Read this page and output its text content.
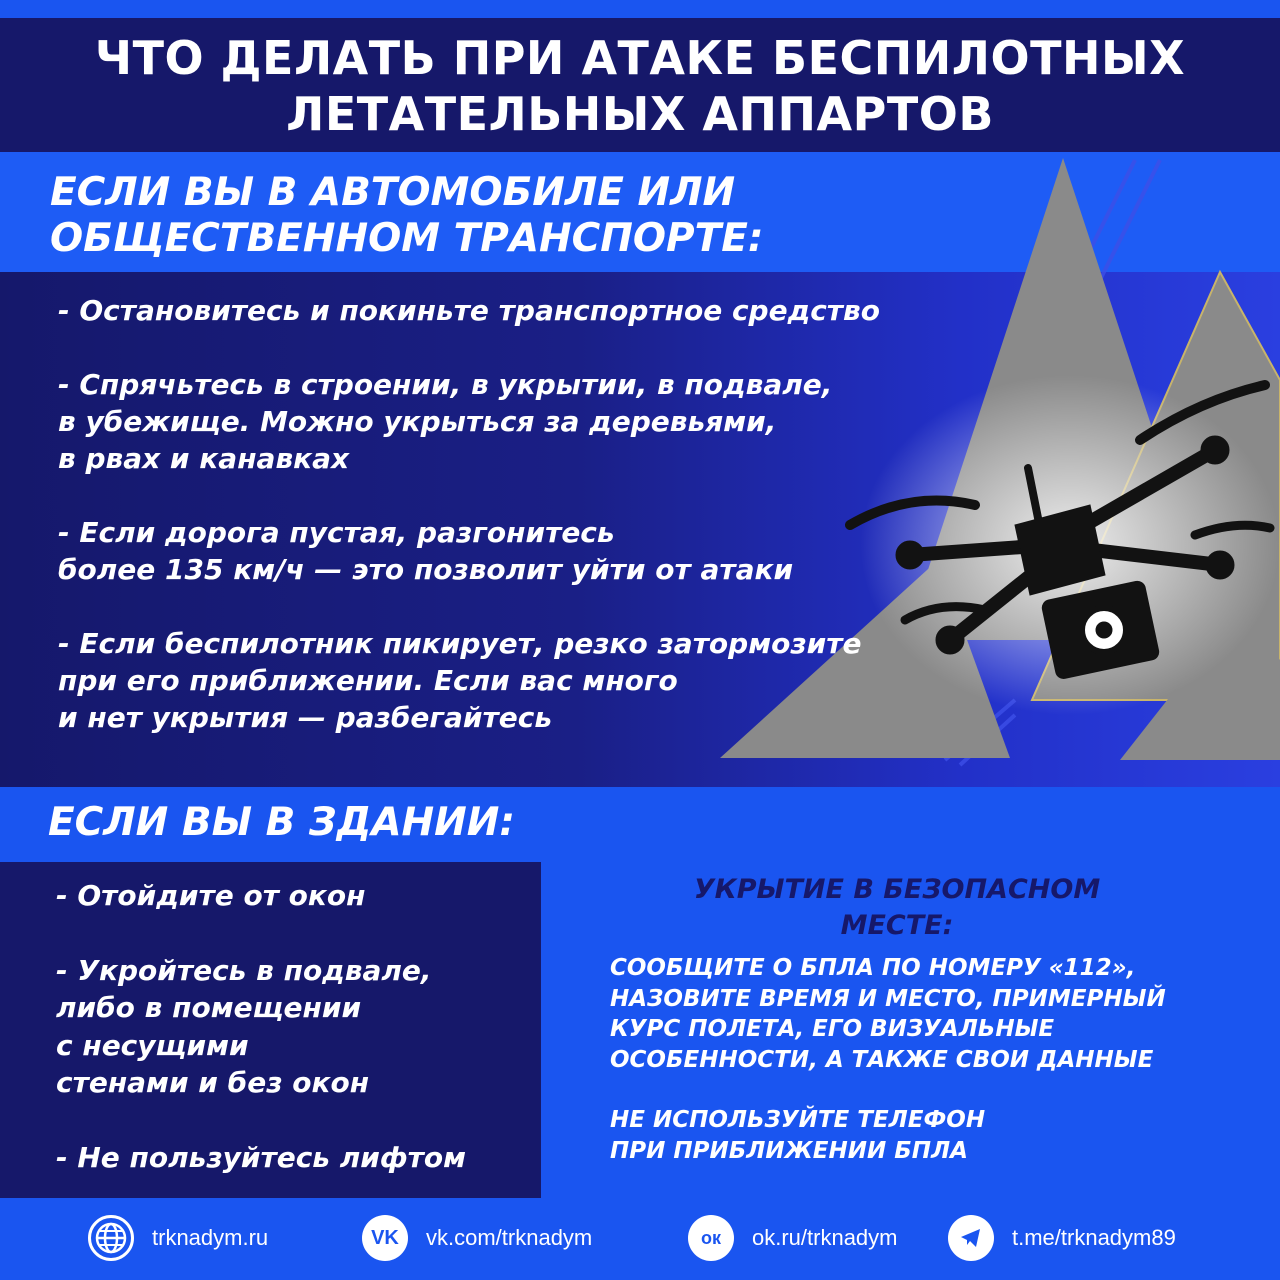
ЧТО ДЕЛАТЬ ПРИ АТАКЕ БЕСПИЛОТНЫХ
ЛЕТАТЕЛЬНЫХ АППАРТОВ
ЕСЛИ ВЫ В АВТОМОБИЛЕ ИЛИ
ОБЩЕСТВЕННОМ ТРАНСПОРТЕ:
- Остановитесь и покиньте транспортное средство
- Спрячьтесь в строении, в укрытии, в подвале,
в убежище. Можно укрыться за деревьями,
в рвах и канавках
- Если дорога пустая, разгонитесь
более 135 км/ч — это позволит уйти от атаки
- Если беспилотник пикирует, резко затормозите
при его приближении. Если вас много
и нет укрытия — разбегайтесь
ЕСЛИ ВЫ В ЗДАНИИ:
- Отойдите от окон
- Укройтесь в подвале,
либо в помещении
с несущими
стенами и без окон
- Не пользуйтесь лифтом
УКРЫТИЕ В БЕЗОПАСНОМ
МЕСТЕ:
СООБЩИТЕ О БПЛА ПО НОМЕРУ «112»,
НАЗОВИТЕ ВРЕМЯ И МЕСТО, ПРИМЕРНЫЙ
КУРС ПОЛЕТА, ЕГО ВИЗУАЛЬНЫЕ
ОСОБЕННОСТИ, А ТАКЖЕ СВОИ ДАННЫЕ
НЕ ИСПОЛЬЗУЙТЕ ТЕЛЕФОН
ПРИ ПРИБЛИЖЕНИИ БПЛА
trknadym.ru	VK	vk.com/trknadym	ок	ok.ru/trknadym	t.me/trknadym89
